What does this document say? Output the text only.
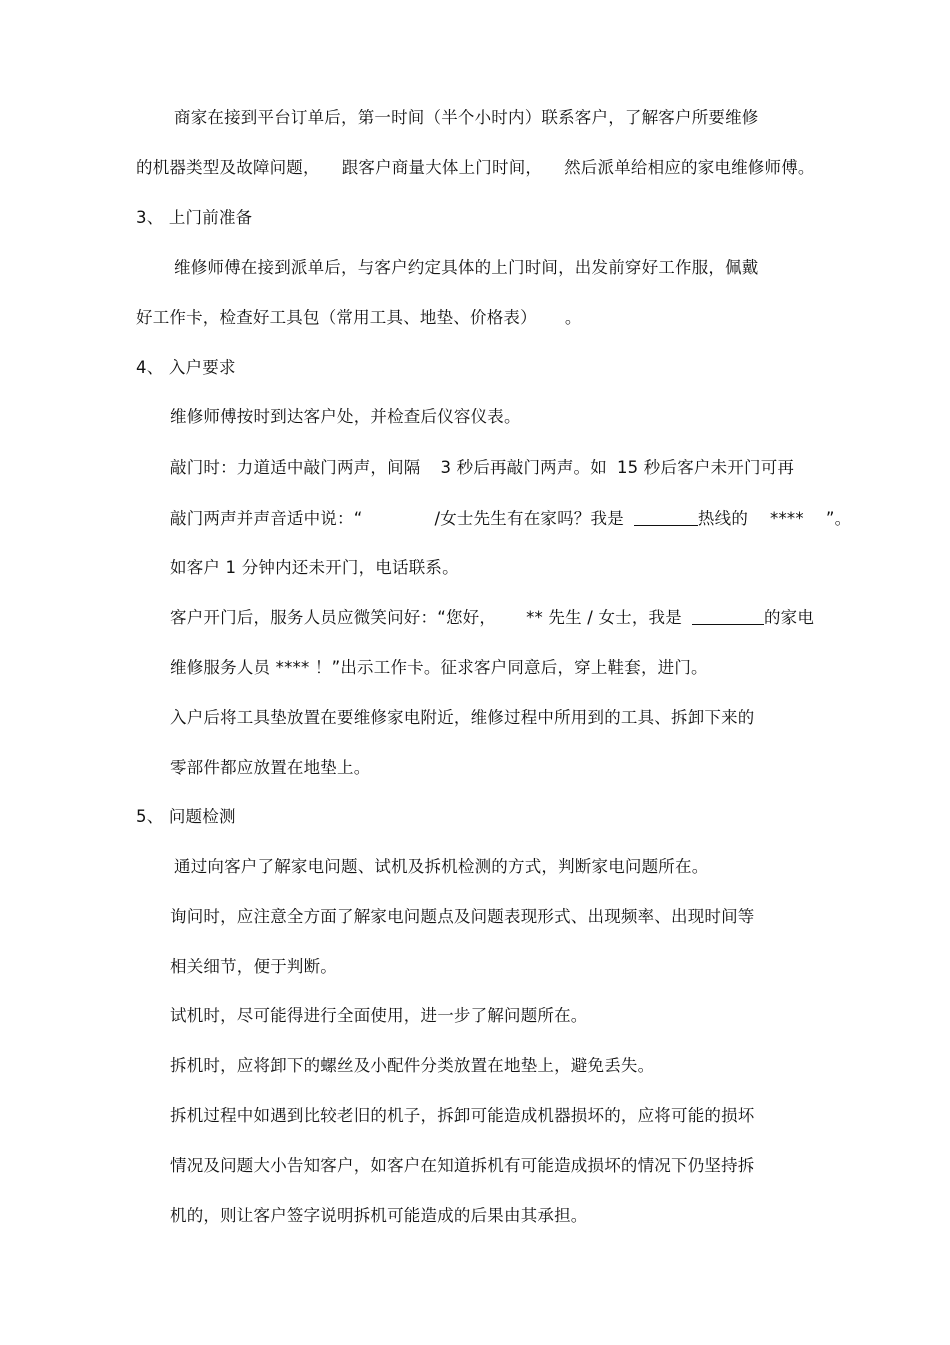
商家在接到平台订单后，第一时间（半个小时内）联系客户，了解客户所要维修
的机器类型及故障问题， 跟客户商量大体上门时间， 然后派单给相应的家电维修师傅。
3、 上门前准备
维修师傅在接到派单后，与客户约定具体的上门时间，出发前穿好工作服，佩戴
好工作卡，检查好工具包（常用工具、地垫、价格表） 。
4、 入户要求
维修师傅按时到达客户处，并检查后仪容仪表。
敲门时：力道适中敲门两声，间隔 3 秒后再敲门两声。如 15 秒后客户未开门可再
敲门两声并声音适中说：“	/女士先生有在家吗？我是	热线的 **** ”。
如客户 1 分钟内还未开门，电话联系。
客户开门后，服务人员应微笑问好：“您好， ** 先生 / 女士，我是	的家电
维修服务人员 **** ！”出示工作卡。征求客户同意后，穿上鞋套，进门。
入户后将工具垫放置在要维修家电附近，维修过程中所用到的工具、拆卸下来的
零部件都应放置在地垫上。
5、 问题检测
通过向客户了解家电问题、试机及拆机检测的方式，判断家电问题所在。
询问时，应注意全方面了解家电问题点及问题表现形式、出现频率、出现时间等
相关细节，便于判断。
试机时，尽可能得进行全面使用，进一步了解问题所在。
拆机时，应将卸下的螺丝及小配件分类放置在地垫上，避免丢失。
拆机过程中如遇到比较老旧的机子，拆卸可能造成机器损坏的，应将可能的损坏
情况及问题大小告知客户，如客户在知道拆机有可能造成损坏的情况下仍坚持拆
机的，则让客户签字说明拆机可能造成的后果由其承担。
